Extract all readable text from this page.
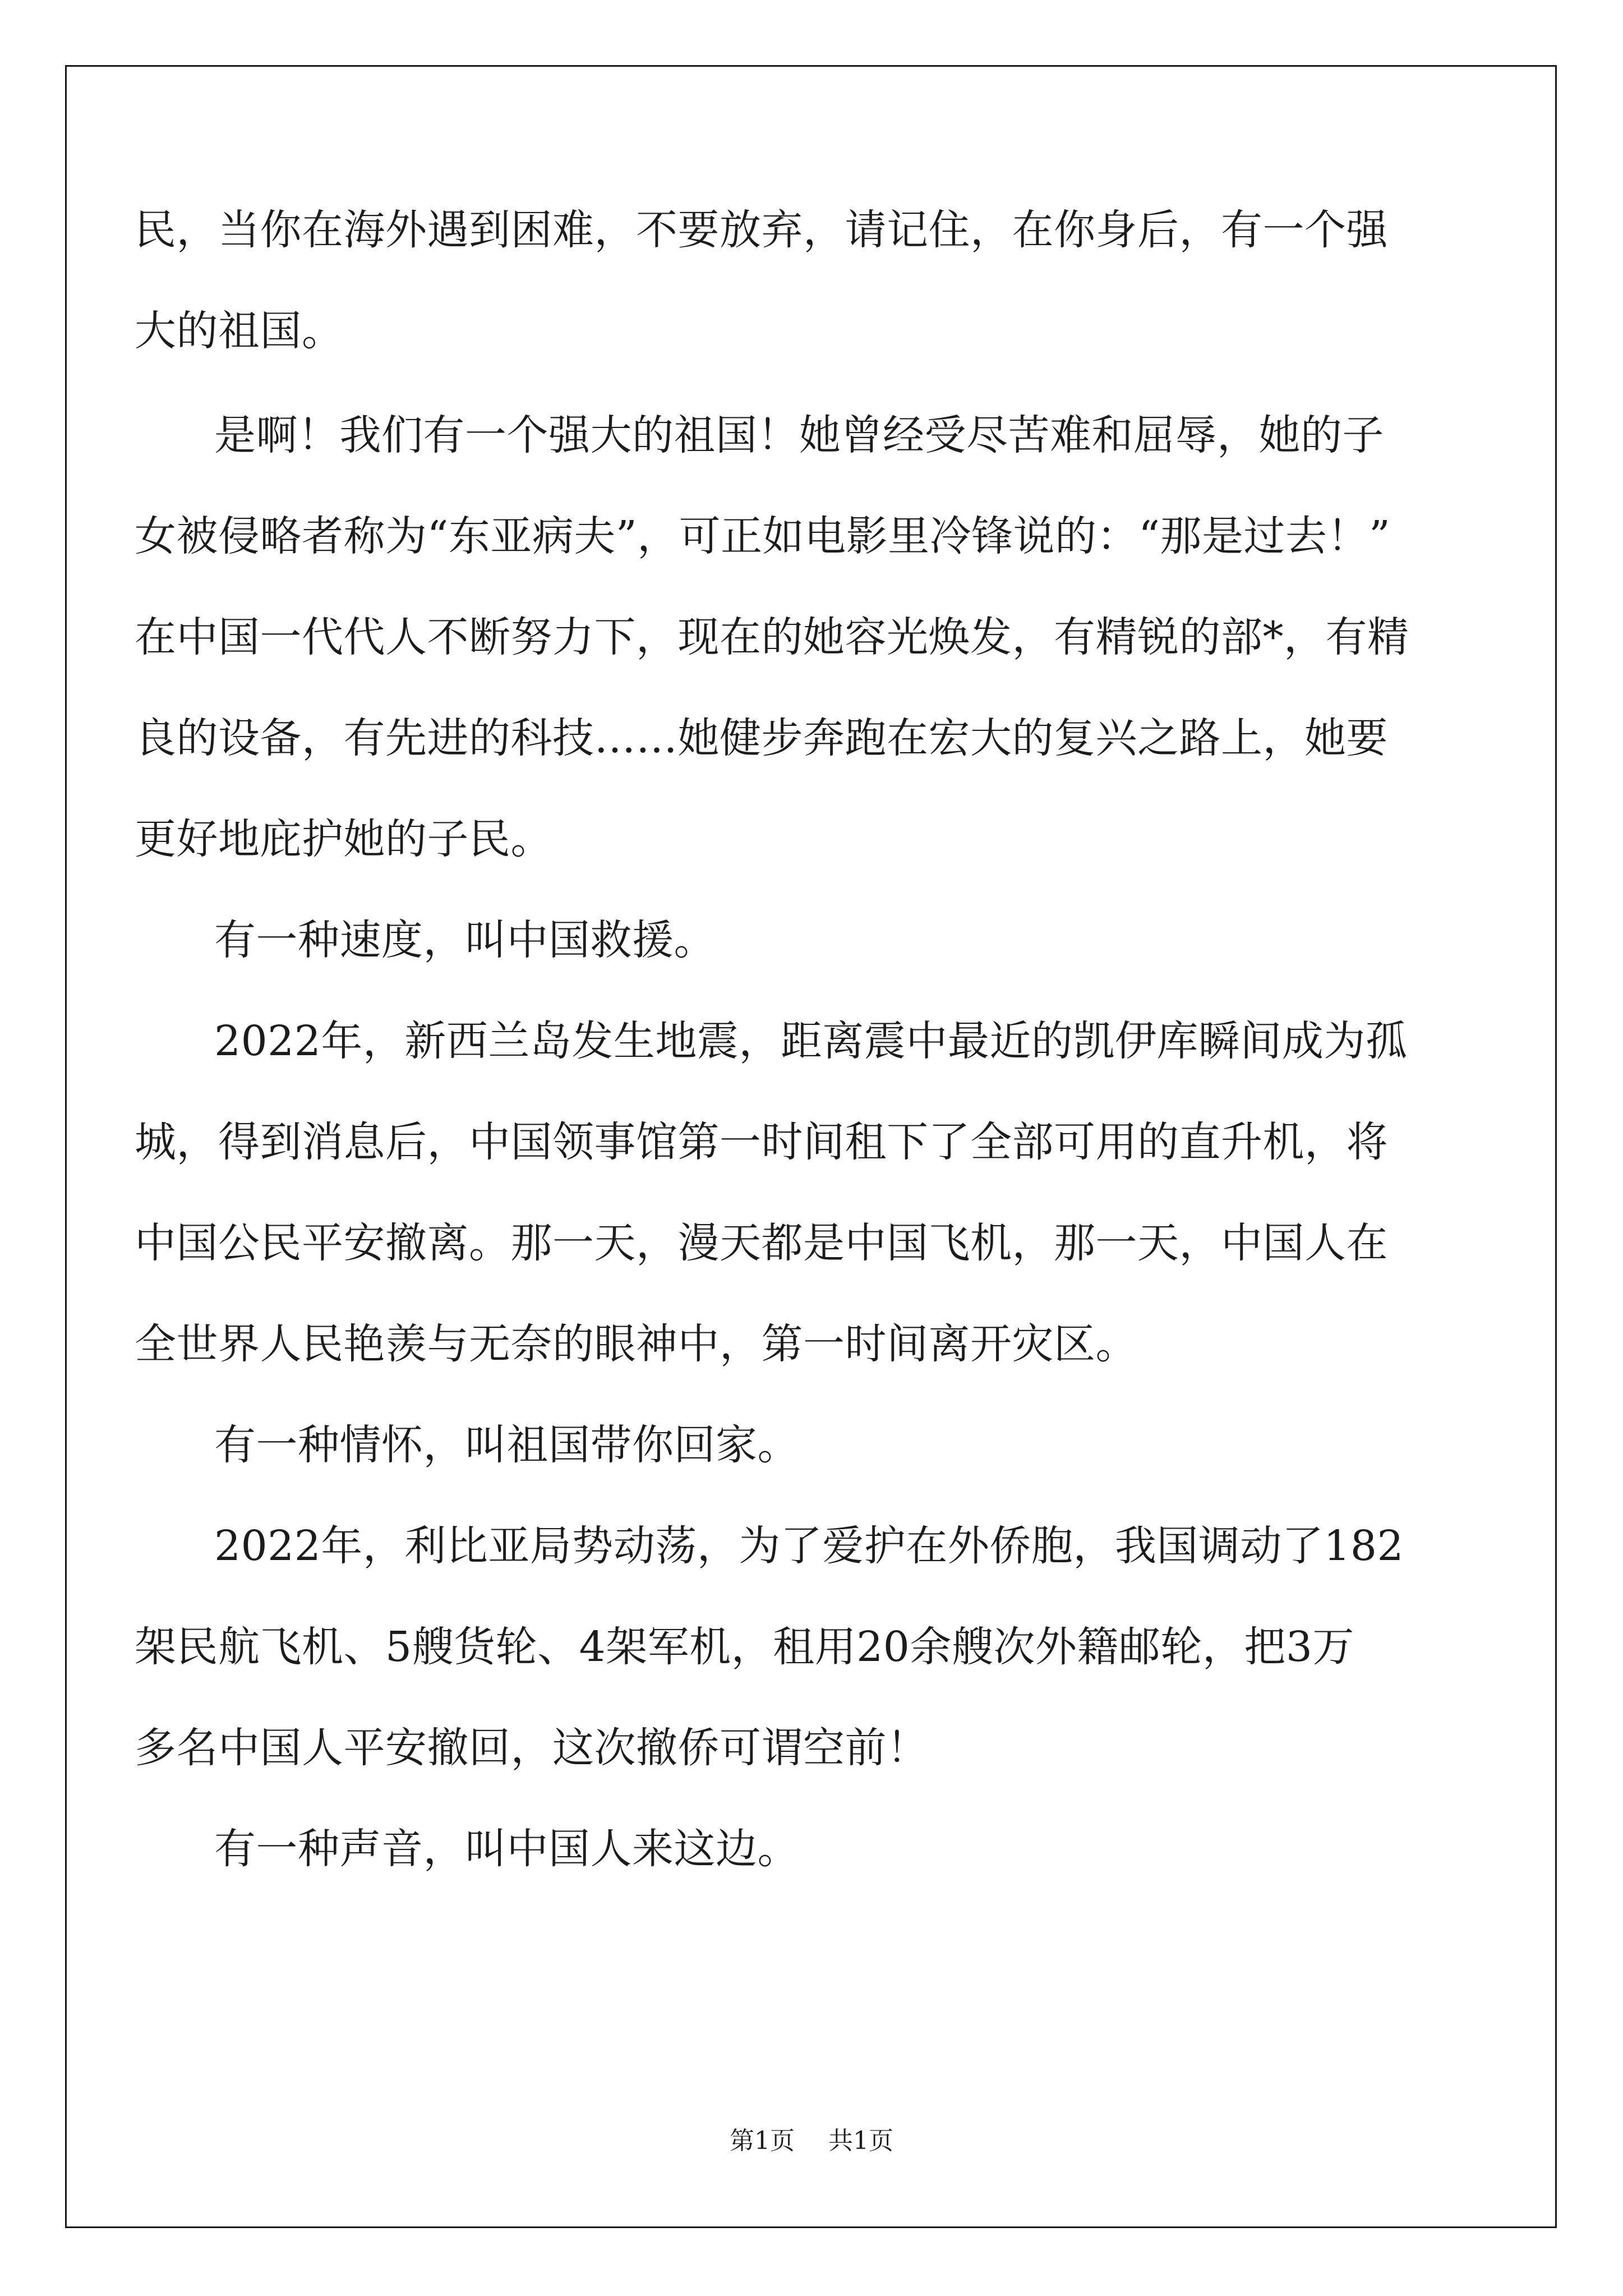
民，当你在海外遇到困难，不要放弃，请记住，在你身后，有一个强
大的祖国。
是啊！我们有一个强大的祖国！她曾经受尽苦难和屈辱，她的子
女被侵略者称为“东亚病夫”，可正如电影里冷锋说的：“那是过去！”
在中国一代代人不断努力下，现在的她容光焕发，有精锐的部*，有精
良的设备，有先进的科技……她健步奔跑在宏大的复兴之路上，她要
更好地庇护她的子民。
有一种速度，叫中国救援。
2022年，新西兰岛发生地震，距离震中最近的凯伊库瞬间成为孤
城，得到消息后，中国领事馆第一时间租下了全部可用的直升机，将
中国公民平安撤离。那一天，漫天都是中国飞机，那一天，中国人在
全世界人民艳羡与无奈的眼神中，第一时间离开灾区。
有一种情怀，叫祖国带你回家。
2022年，利比亚局势动荡，为了爱护在外侨胞，我国调动了182
架民航飞机、5艘货轮、4架军机，租用20余艘次外籍邮轮，把3万
多名中国人平安撤回，这次撤侨可谓空前！
有一种声音，叫中国人来这边。
第1页 共1页
